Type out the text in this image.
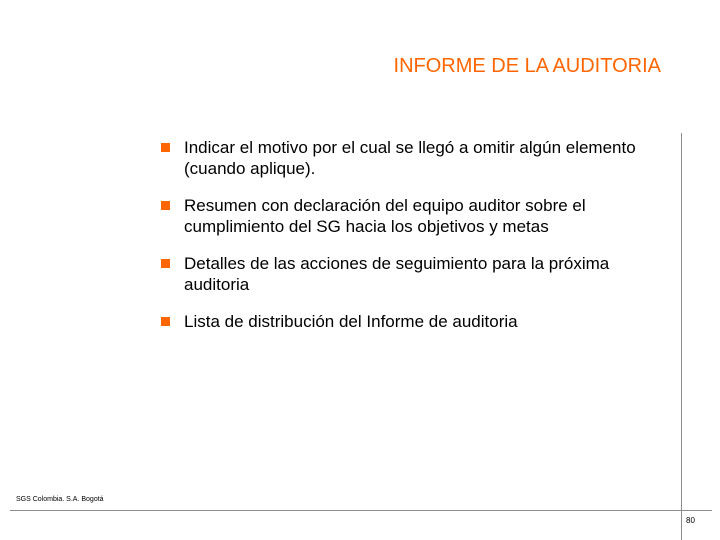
INFORME DE LA AUDITORIA
Indicar el motivo por el cual se llegó a omitir algún elemento (cuando aplique).
Resumen con declaración del equipo auditor sobre el cumplimiento del SG hacia los objetivos y metas
Detalles de las acciones de seguimiento para la próxima auditoria
Lista de distribución del Informe de auditoria
SGS Colombia. S.A. Bogotá
80
